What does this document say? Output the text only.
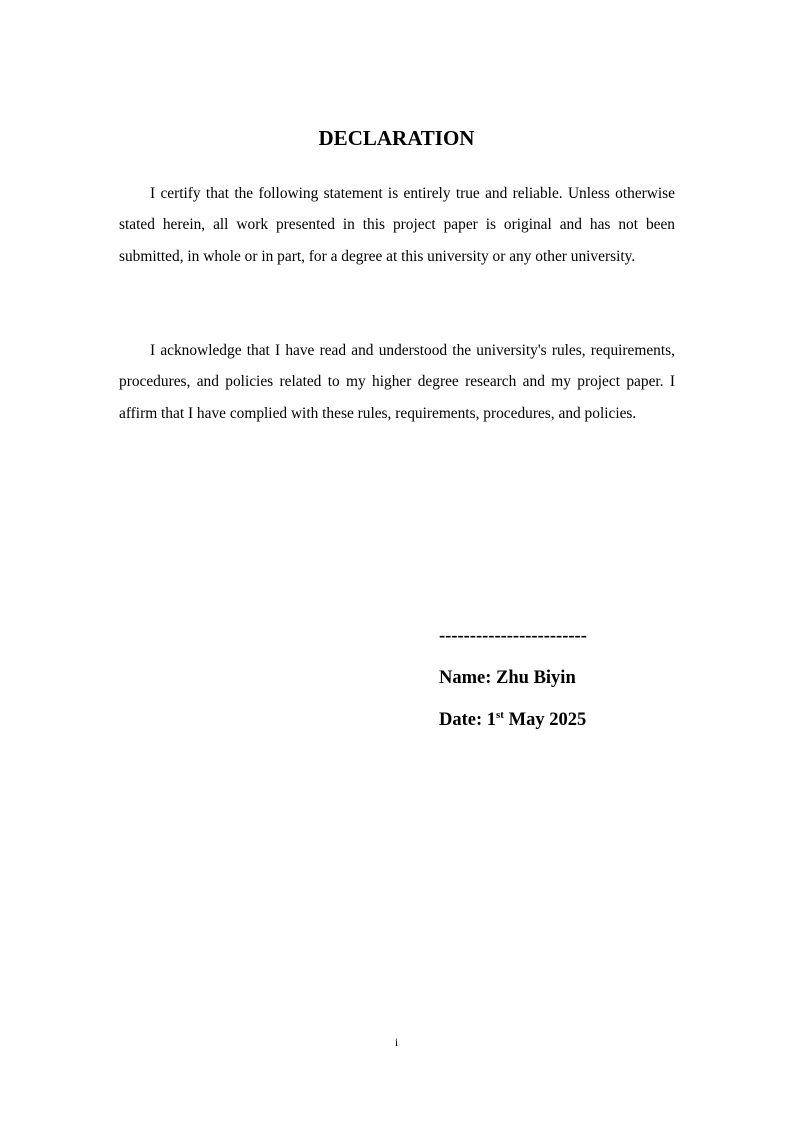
DECLARATION

I certify that the following statement is entirely true and reliable. Unless otherwise stated herein, all work presented in this project paper is original and has not been submitted, in whole or in part, for a degree at this university or any other university.

I acknowledge that I have read and understood the university's rules, requirements, procedures, and policies related to my higher degree research and my project paper. I affirm that I have complied with these rules, requirements, procedures, and policies.

------------------------
Name: Zhu Biyin
Date: 1st May 2025
i
